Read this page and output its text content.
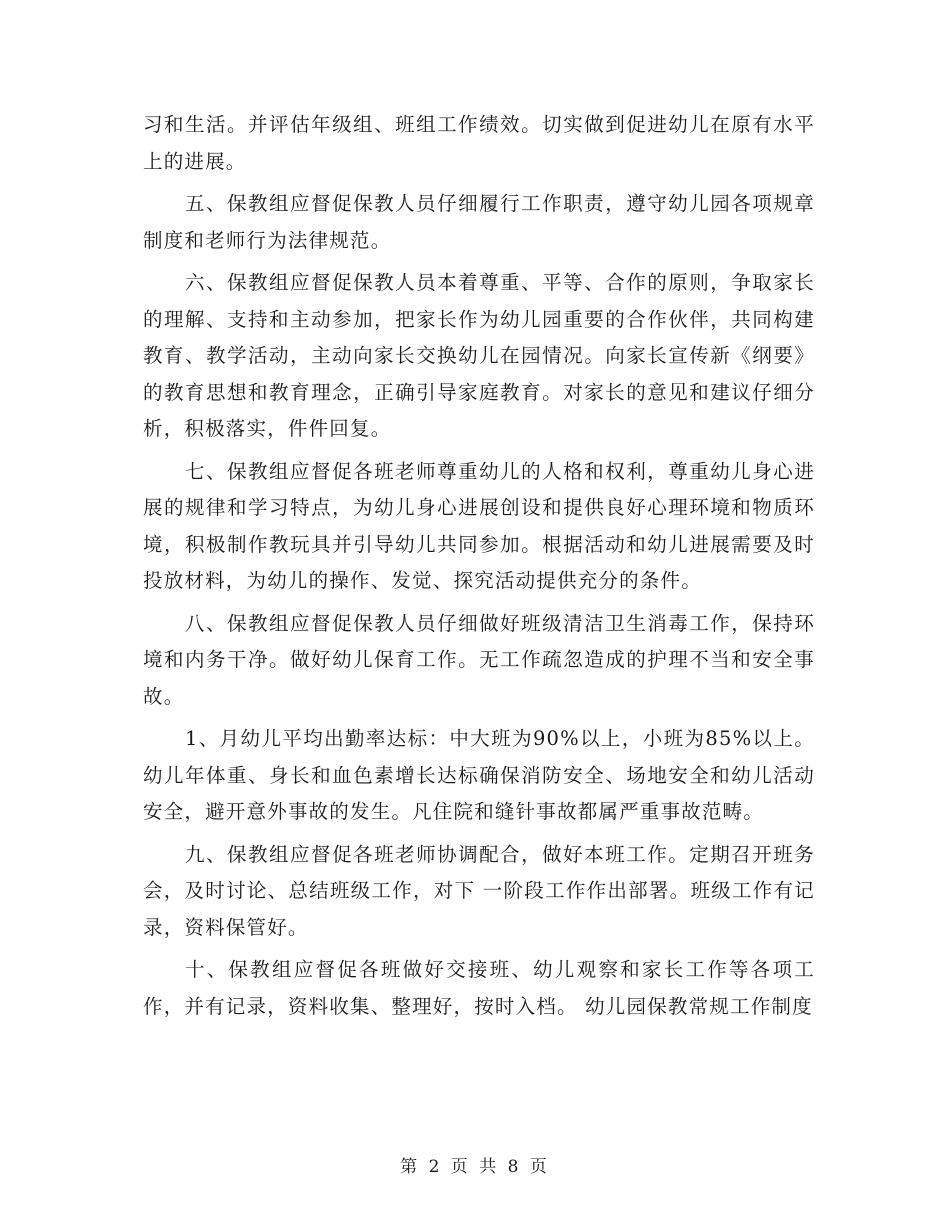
习和生活。并评估年级组、班组工作绩效。切实做到促进幼儿在原有水平上的进展。

五、保教组应督促保教人员仔细履行工作职责，遵守幼儿园各项规章制度和老师行为法律规范。

六、保教组应督促保教人员本着尊重、平等、合作的原则，争取家长的理解、支持和主动参加，把家长作为幼儿园重要的合作伙伴，共同构建教育、教学活动，主动向家长交换幼儿在园情况。向家长宣传新《纲要》的教育思想和教育理念，正确引导家庭教育。对家长的意见和建议仔细分析，积极落实，件件回复。

七、保教组应督促各班老师尊重幼儿的人格和权利，尊重幼儿身心进展的规律和学习特点，为幼儿身心进展创设和提供良好心理环境和物质环境，积极制作教玩具并引导幼儿共同参加。根据活动和幼儿进展需要及时投放材料，为幼儿的操作、发觉、探究活动提供充分的条件。

八、保教组应督促保教人员仔细做好班级清洁卫生消毒工作，保持环境和内务干净。做好幼儿保育工作。无工作疏忽造成的护理不当和安全事故。

1、月幼儿平均出勤率达标：中大班为90%以上，小班为85%以上。幼儿年体重、身长和血色素增长达标确保消防安全、场地安全和幼儿活动安全，避开意外事故的发生。凡住院和缝针事故都属严重事故范畴。

九、保教组应督促各班老师协调配合，做好本班工作。定期召开班务会，及时讨论、总结班级工作，对下 一阶段工作作出部署。班级工作有记录，资料保管好。

十、保教组应督促各班做好交接班、幼儿观察和家长工作等各项工作，并有记录，资料收集、整理好，按时入档。 幼儿园保教常规工作制度

第 2 页 共 8 页
